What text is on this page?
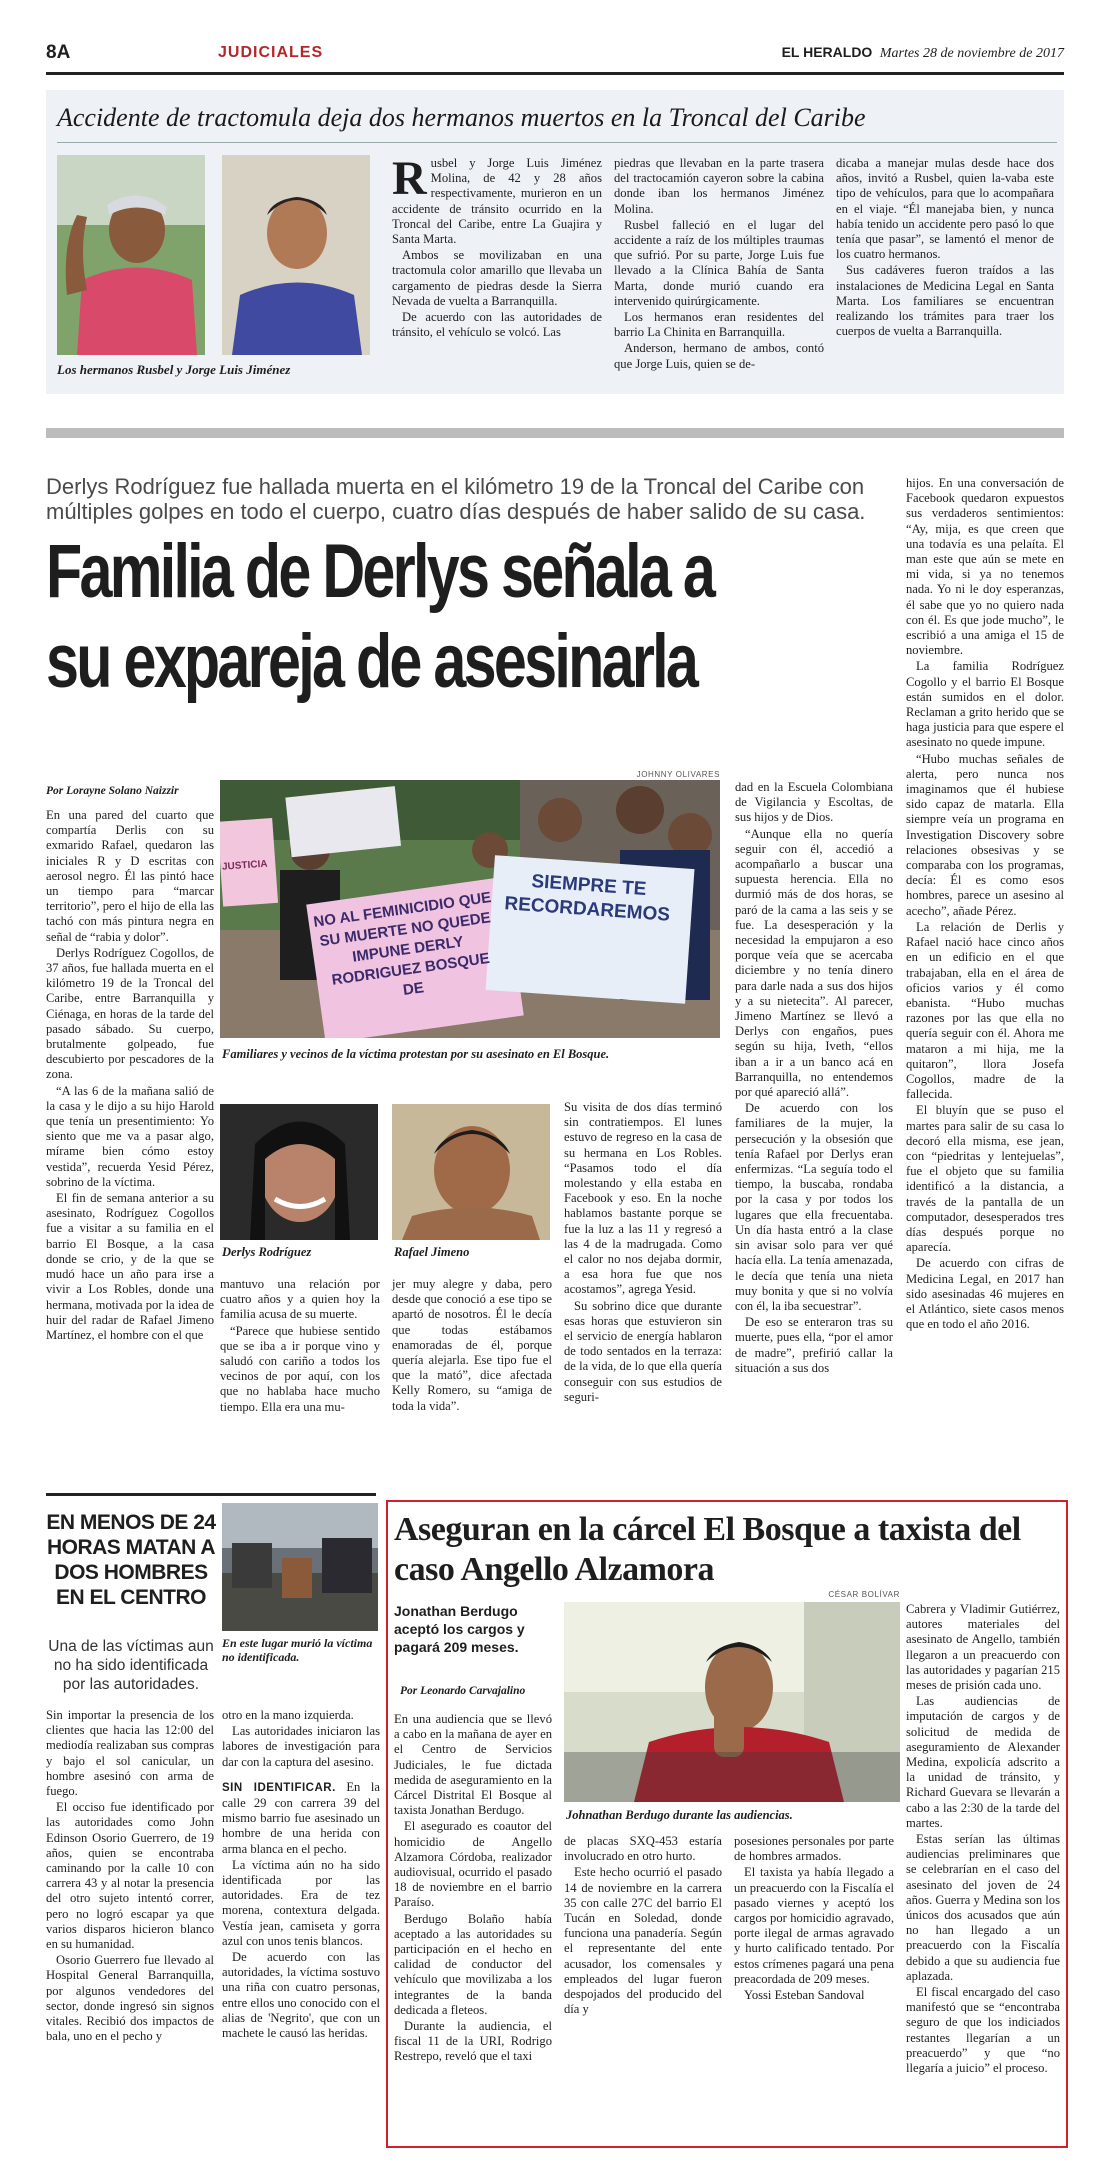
8A	JUDICIALES	EL HERALDO Martes 28 de noviembre de 2017
Accidente de tractomula deja dos hermanos muertos en la Troncal del Caribe
Los hermanos Rusbel y Jorge Luis Jiménez
R usbel y Jorge Luis Jiménez Molina, de 42 y 28 años respectivamente, murieron en un accidente de tránsito ocurrido en la Troncal del Caribe, entre La Guajira y Santa Marta.

Ambos se movilizaban en una tractomula color amarillo que llevaba un cargamento de piedras desde la Sierra Nevada de vuelta a Barranquilla.

De acuerdo con las autoridades de tránsito, el vehículo se volcó. Las

piedras que llevaban en la parte trasera del tractocamión cayeron sobre la cabina donde iban los hermanos Jiménez Molina.

Rusbel falleció en el lugar del accidente a raíz de los múltiples traumas que sufrió. Por su parte, Jorge Luis fue llevado a la Clínica Bahía de Santa Marta, donde murió cuando era intervenido quirúrgicamente.

Los hermanos eran residentes del barrio La Chinita en Barranquilla.

Anderson, hermano de ambos, contó que Jorge Luis, quien se de-

dicaba a manejar mulas desde hace dos años, invitó a Rusbel, quien la-vaba este tipo de vehículos, para que lo acompañara en el viaje. “Él manejaba bien, y nunca había tenido un accidente pero pasó lo que tenía que pasar”, se lamentó el menor de los cuatro hermanos.

Sus cadáveres fueron traídos a las instalaciones de Medicina Legal en Santa Marta. Los familiares se encuentran realizando los trámites para traer los cuerpos de vuelta a Barranquilla.

Derlys Rodríguez fue hallada muerta en el kilómetro 19 de la Troncal del Caribe con múltiples golpes en todo el cuerpo, cuatro días después de haber salido de su casa.
Familia de Derlys señala a
su expareja de asesinarla
Por Lorayne Solano Naizzir

En una pared del cuarto que compartía Derlis con su exmarido Rafael, quedaron las iniciales R y D escritas con aerosol negro. Él las pintó hace un tiempo para “marcar territorio”, pero el hijo de ella las tachó con más pintura negra en señal de “rabia y dolor”.

Derlys Rodríguez Cogollos, de 37 años, fue hallada muerta en el kilómetro 19 de la Troncal del Caribe, entre Barranquilla y Ciénaga, en horas de la tarde del pasado sábado. Su cuerpo, brutalmente golpeado, fue descubierto por pescadores de la zona.

“A las 6 de la mañana salió de la casa y le dijo a su hijo Harold que tenía un presentimiento: Yo siento que me va a pasar algo, mírame bien cómo estoy vestida”, recuerda Yesid Pérez, sobrino de la víctima.

El fin de semana anterior a su asesinato, Rodríguez Cogollos fue a visitar a su familia en el barrio El Bosque, a la casa donde se crio, y de la que se mudó hace un año para irse a vivir a Los Robles, donde una hermana, motivada por la idea de huir del radar de Rafael Jimeno Martínez, el hombre con el que

JOHNNY OLIVARES
NO AL FEMINICIDIO QUE SU MUERTE NO QUEDE IMPUNE DERLY RODRIGUEZ BOSQUE DE
SIEMPRE TE RECORDAREMOS
JUSTICIA
Familiares y vecinos de la víctima protestan por su asesinato en El Bosque.
Derlys Rodríguez	Rafael Jimeno

mantuvo una relación por cuatro años y a quien hoy la familia acusa de su muerte.

“Parece que hubiese sentido que se iba a ir porque vino y saludó con cariño a todos los vecinos de por aquí, con los que no hablaba hace mucho tiempo. Ella era una mu-

jer muy alegre y daba, pero desde que conoció a ese tipo se apartó de nosotros. Él le decía que todas estábamos enamoradas de él, porque quería alejarla. Ese tipo fue el que la mató”, dice afectada Kelly Romero, su “amiga de toda la vida”.

Su visita de dos días terminó sin contratiempos. El lunes estuvo de regreso en la casa de su hermana en Los Robles. “Pasamos todo el día molestando y ella estaba en Facebook y eso. En la noche hablamos bastante porque se fue la luz a las 11 y regresó a las 4 de la madrugada. Como el calor no nos dejaba dormir, a esa hora fue que nos acostamos”, agrega Yesid.

Su sobrino dice que durante esas horas que estuvieron sin el servicio de energía hablaron de todo sentados en la terraza: de la vida, de lo que ella quería conseguir con sus estudios de seguri-

dad en la Escuela Colombiana de Vigilancia y Escoltas, de sus hijos y de Dios.

“Aunque ella no quería seguir con él, accedió a acompañarlo a buscar una supuesta herencia. Ella no durmió más de dos horas, se paró de la cama a las seis y se fue. La desesperación y la necesidad la empujaron a eso porque veía que se acercaba diciembre y no tenía dinero para darle nada a sus dos hijos y a su nietecita”. Al parecer, Jimeno Martínez se llevó a Derlys con engaños, pues según su hija, Iveth, “ellos iban a ir a un banco acá en Barranquilla, no entendemos por qué apareció allá”.

De acuerdo con los familiares de la mujer, la persecución y la obsesión que tenía Rafael por Derlys eran enfermizas. “La seguía todo el tiempo, la buscaba, rondaba por la casa y por todos los lugares que ella frecuentaba. Un día hasta entró a la clase sin avisar solo para ver qué hacía ella. La tenía amenazada, le decía que tenía una nieta muy bonita y que si no volvía con él, la iba secuestrar”.

De eso se enteraron tras su muerte, pues ella, “por el amor de madre”, prefirió callar la situación a sus dos

hijos. En una conversación de Facebook quedaron expuestos sus verdaderos sentimientos: “Ay, mija, es que creen que una todavía es una pelaíta. El man este que aún se mete en mi vida, si ya no tenemos nada. Yo ni le doy esperanzas, él sabe que yo no quiero nada con él. Es que jode mucho”, le escribió a una amiga el 15 de noviembre.

La familia Rodríguez Cogollo y el barrio El Bosque están sumidos en el dolor. Reclaman a grito herido que se haga justicia para que espere el asesinato no quede impune.

“Hubo muchas señales de alerta, pero nunca nos imaginamos que él hubiese sido capaz de matarla. Ella siempre veía un programa en Investigation Discovery sobre relaciones obsesivas y se comparaba con los programas, decía: Él es como esos hombres, parece un asesino al acecho”, añade Pérez.

La relación de Derlis y Rafael nació hace cinco años en un edificio en el que trabajaban, ella en el área de oficios varios y él como ebanista. “Hubo muchas razones por las que ella no quería seguir con él. Ahora me mataron a mi hija, me la quitaron”, llora Josefa Cogollos, madre de la fallecida.

El bluyín que se puso el martes para salir de su casa lo decoró ella misma, ese jean, con “piedritas y lentejuelas”, fue el objeto que su familia identificó a la distancia, a través de la pantalla de un computador, desesperados tres días después porque no aparecía.

De acuerdo con cifras de Medicina Legal, en 2017 han sido asesinadas 46 mujeres en el Atlántico, siete casos menos que en todo el año 2016.

EN MENOS DE 24 HORAS MATAN A DOS HOMBRES EN EL CENTRO
En este lugar murió la víctima no identificada.
Una de las víctimas aun no ha sido identificada por las autoridades.

Sin importar la presencia de los clientes que hacia las 12:00 del mediodía realizaban sus compras y bajo el sol canicular, un hombre asesinó con arma de fuego.

El occiso fue identificado por las autoridades como John Edinson Osorio Guerrero, de 19 años, quien se encontraba caminando por la calle 10 con carrera 43 y al notar la presencia del otro sujeto intentó correr, pero no logró escapar ya que varios disparos hicieron blanco en su humanidad.

Osorio Guerrero fue llevado al Hospital General Barranquilla, por algunos vendedores del sector, donde ingresó sin signos vitales. Recibió dos impactos de bala, uno en el pecho y

otro en la mano izquierda.

Las autoridades iniciaron las labores de investigación para dar con la captura del asesino.

SIN IDENTIFICAR. En la calle 29 con carrera 39 del mismo barrio fue asesinado un hombre de una herida con arma blanca en el pecho.

La víctima aún no ha sido identificada por las autoridades. Era de tez morena, contextura delgada. Vestía jean, camiseta y gorra azul con unos tenis blancos.

De acuerdo con las autoridades, la víctima sostuvo una riña con cuatro personas, entre ellos uno conocido con el alias de 'Negrito', que con un machete le causó las heridas.

Aseguran en la cárcel El Bosque a taxista del caso Angello Alzamora
CÉSAR BOLÍVAR
Jonathan Berdugo aceptó los cargos y pagará 209 meses.
Por Leonardo Carvajalino
Johnathan Berdugo durante las audiencias.

En una audiencia que se llevó a cabo en la mañana de ayer en el Centro de Servicios Judiciales, le fue dictada medida de aseguramiento en la Cárcel Distrital El Bosque al taxista Jonathan Berdugo.

El asegurado es coautor del homicidio de Angello Alzamora Córdoba, realizador audiovisual, ocurrido el pasado 18 de noviembre en el barrio Paraíso.

Berdugo Bolaño había aceptado a las autoridades su participación en el hecho en calidad de conductor del vehículo que movilizaba a los integrantes de la banda dedicada a fleteos.

Durante la audiencia, el fiscal 11 de la URI, Rodrigo Restrepo, reveló que el taxi

de placas SXQ-453 estaría involucrado en otro hurto.

Este hecho ocurrió el pasado 14 de noviembre en la carrera 35 con calle 27C del barrio El Tucán en Soledad, donde funciona una panadería. Según el representante del ente acusador, los comensales y empleados del lugar fueron despojados del producido del día y

posesiones personales por parte de hombres armados.

El taxista ya había llegado a un preacuerdo con la Fiscalía el pasado viernes y aceptó los cargos por homicidio agravado, porte ilegal de armas agravado y hurto calificado tentado. Por estos crímenes pagará una pena preacordada de 209 meses.

Yossi Esteban Sandoval

Cabrera y Vladimir Gutiérrez, autores materiales del asesinato de Angello, también llegaron a un preacuerdo con las autoridades y pagarían 215 meses de prisión cada uno.

Las audiencias de imputación de cargos y de solicitud de medida de aseguramiento de Alexander Medina, expolicía adscrito a la unidad de tránsito, y Richard Guevara se llevarán a cabo a las 2:30 de la tarde del martes.

Estas serían las últimas audiencias preliminares que se celebrarían en el caso del asesinato del joven de 24 años. Guerra y Medina son los únicos dos acusados que aún no han llegado a un preacuerdo con la Fiscalía debido a que su audiencia fue aplazada.

El fiscal encargado del caso manifestó que se “encontraba seguro de que los indiciados restantes llegarían a un preacuerdo” y que “no llegaría a juicio” el proceso.
